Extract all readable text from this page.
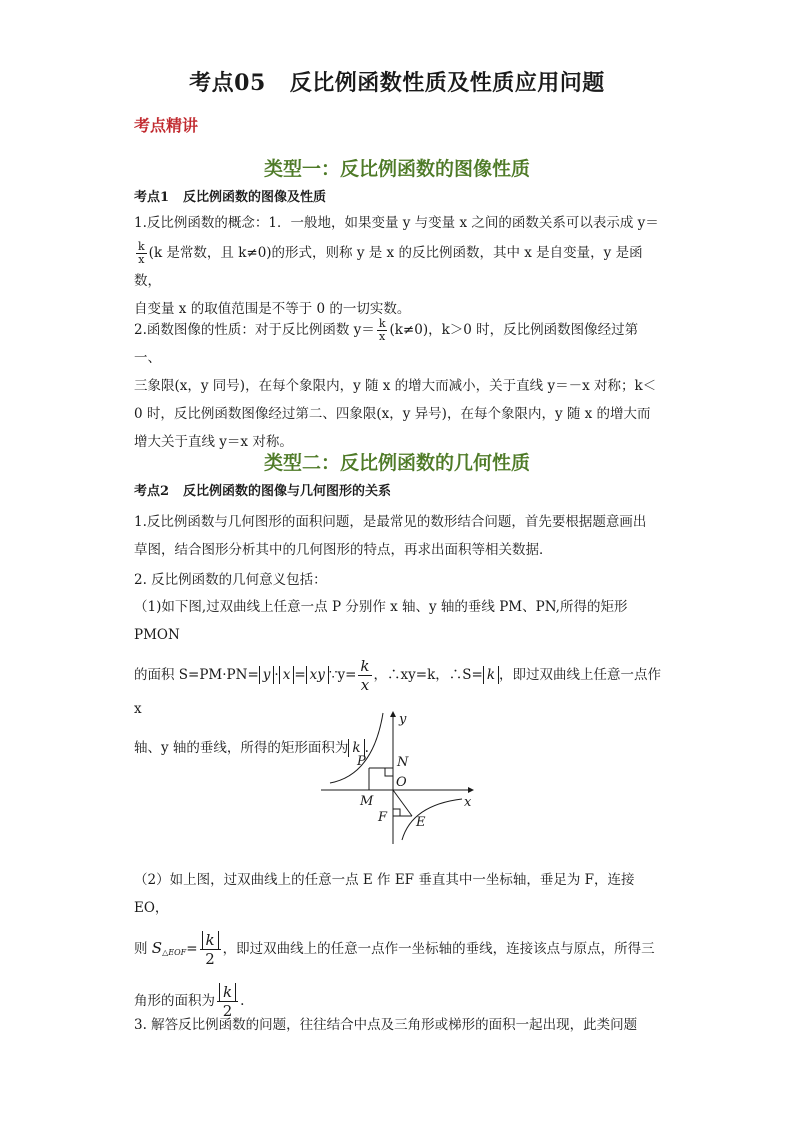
考点05 反比例函数性质及性质应用问题
考点精讲
类型一：反比例函数的图像性质
考点1 反比例函数的图像及性质
1.反比例函数的概念：1．一般地，如果变量 y 与变量 x 之间的函数关系可以表示成 y＝
$\frac{k}{x} (k$ 是常数，且 k≠0)的形式，则称 y 是 x 的反比例函数，其中 x 是自变量，y 是函数，
自变量 x 的取值范围是不等于 0 的一切实数。
2.函数图像的性质：对于反比例函数 $y= \frac{k}{x} (k\ne 0)$，k＞0 时，反比例函数图像经过第一、
三象限(x，y 同号)，在每个象限内，y 随 x 的增大而减小，关于直线 y＝－x 对称；k＜
0 时，反比例函数图像经过第二、四象限(x，y 异号)，在每个象限内，y 随 x 的增大而
增大关于直线 y＝x 对称。
类型二：反比例函数的几何性质
考点2 反比例函数的图像与几何图形的关系
1.反比例函数与几何图形的面积问题，是最常见的数形结合问题，首先要根据题意画出
草图，结合图形分析其中的几何图形的特点，再求出面积等相关数据．
2. 反比例函数的几何意义包括：
（1)如下图,过双曲线上任意一点 P 分别作 x 轴、y 轴的垂线 PM、PN,所得的矩形 PMON
的面积 S=PM·PN= y · x = xy ∵y= $\frac{k}{x}$ ，∴xy=k，∴S= k ，即过双曲线上任意一点作 x
轴、y 轴的垂线，所得的矩形面积为 k .
y
x
P N
O
M
F E
（2）如上图，过双曲线上的任意一点 E 作 EF 垂直其中一坐标轴，垂足为 F，连接 EO，
则 $S_{\triangle EOF}= \frac{k}{2}$ ，即过双曲线上的任意一点作一坐标轴的垂线，连接该点与原点，所得三
角形的面积为 $\frac{k}{2}$ .
3. 解答反比例函数的问题，往往结合中点及三角形或梯形的面积一起出现，此类问题
